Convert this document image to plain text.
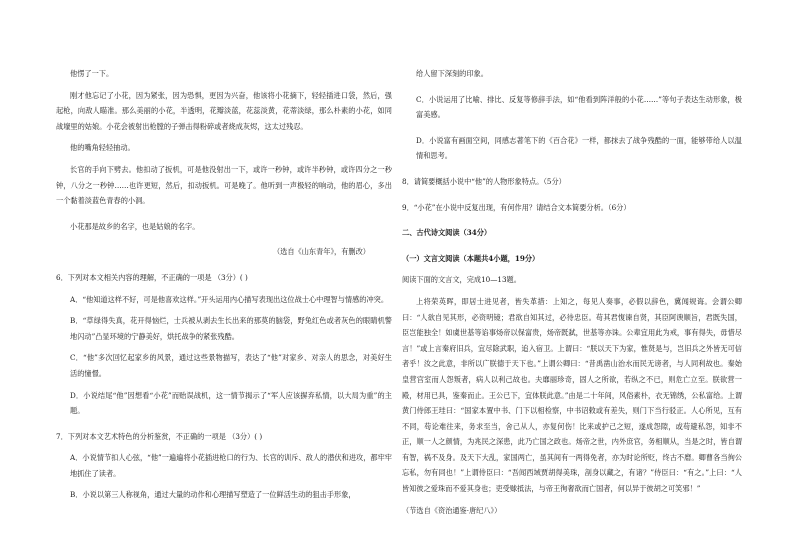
他愣了一下。
刚才他忘记了小花，因为紧张，因为恐惧，更因为兴奋，他该将小花摘下，轻轻插进口袋，然后，强起枪，向敌人瞄准。那么美丽的小花，半透明，花瓣淡蓝，花蕊淡黄，花蒂淡绿，那么朴素的小花，如同战壕里的姑娘。小花会被射出枪膛的子弹击得粉碎或者烧成灰烬，这太过残忍。
他的嘴角轻轻抽动。
长官的手向下劈去。他扣动了扳机，可是他没射出一下，或许一秒钟，或许半秒钟，或许四分之一秒钟，八分之一秒钟……也许更短，然后，扣动扳机。可是晚了。他听到一声极轻的响动，他的眉心，多出一个黏着淡蓝色青春的小洞。
小花那是故乡的名字，也是姑娘的名字。
（选自《山东青年》，有删改）
6．下列对本文相关内容的理解，不正确的一项是 （3分）( )
A．“他知道这样不好，可是他喜欢这样。”开头运用内心描写表现出这位战士心中理智与情感的冲突。
B．“草绿得失真，花开得恼烂，士兵被从剥去生长出来的那莫的脑袋，野兔红色或者灰色的眼睛机警地闪动”凸显环境的宁静美好，烘托战争的紧张残酷。
C．“他”多次回忆起家乡的风景，通过这些景物描写，表达了“他”对家乡、对亲人的思念，对美好生活的憧憬。
D．小说结尾“他”因想看“小花”而贻误战机，这一情节揭示了“军人应该摒弃私情，以大局为重”的主题。
7．下列对本文艺术特色的分析鉴赏，不正确的一项是 （3分）( )
A．小说情节扣人心弦，“他”一遍遍将小花插进枪口的行为、长官的训斥、敌人的潜伏和进攻，都牢牢地抓住了读者。
B．小说以第三人称视角，通过大量的动作和心理描写塑造了一位鲜活生动的狙击手形象，
给人留下深刻的印象。
C．小说运用了比喻、排比、反复等修辞手法，如“他看到阵洋般的小花……”等句子表达生动形象，极富美感。
D．小说富有画面空间，同感志著笔下的《百合花》一样，都抹去了战争残酷的一面，能够带给人以温情和思考。
8．请简要概括小说中“他”的人物形象特点。（5分）
9．“小花”在小说中反复出现，有何作用？请结合文本简要分析。（6分）
二、古代诗文阅读（34分）
（一）文言文阅读（本题共4小题，19分）
阅读下面的文言文，完成10—13题。
上将荣英晖，即居士进见者，皆失革措：上知之，每见人奏事，必假以辞色，冀闻规诲。会谓公卿曰：“人欲自见其形，必资明镜；君欲自知其过，必待忠臣。苟其君愎谏自贤，其臣阿谀顺旨，君既失国，臣岂能独全！如虞世基等谄事炀帝以保富贵，炀帝既弑，世基等亦诛。公辈宜用此为戒，事有得失，毋惜尽言！”或上言秦府旧兵，宜尽除武职，追入宿卫。上谓曰：“朕以天下为家，惟贤是与，岂旧兵之外皆无可信者乎！汝之此意，非所以广朕德于天下也。”上谓公卿曰：“昔禹凿山治水而民无谤者，与人同利故也。秦始皇营宫室而人怨叛者，病人以利己故也。夫靡丽珍奇，固人之所欲，若纵之不已，则危亡立至。朕欲营一殿，材用已具，鉴秦而止。王公已下，宜体朕此意。”由是二十年间，风俗素朴，衣无锦绣，公私富给。上谓黄门侍郎王珪曰：“国家本置中书、门下以相检察，中书诏敕或有差失，则门下当行驳正。人心所见，互有不同，苟论难往来，务求至当，舍己从人，亦复何伤！比来或护己之短，遂成怨隙，或苟避私怨，知非不正，顺一人之颜情，为兆民之深患，此乃亡国之政也。炀帝之世，内外庶官，务相顺从，当是之时，皆自谓有智，祸不及身。及天下大乱，家国两亡，虽其间有一两得免者，亦为时论所贬，终古不磨。卿曹各当徇公忘私，勿有同也！”上谓侍臣曰：“吾闻西域贾胡得美珠，剖身以藏之，有诸？”侍臣曰：“有之。”上曰：“人皆知彼之爱珠而不爱其身也；吏受赇抵法，与帝王徇奢欲而亡国者，何以异于彼胡之可笑邪！”
（节选自《资治通鉴·唐纪八》）
